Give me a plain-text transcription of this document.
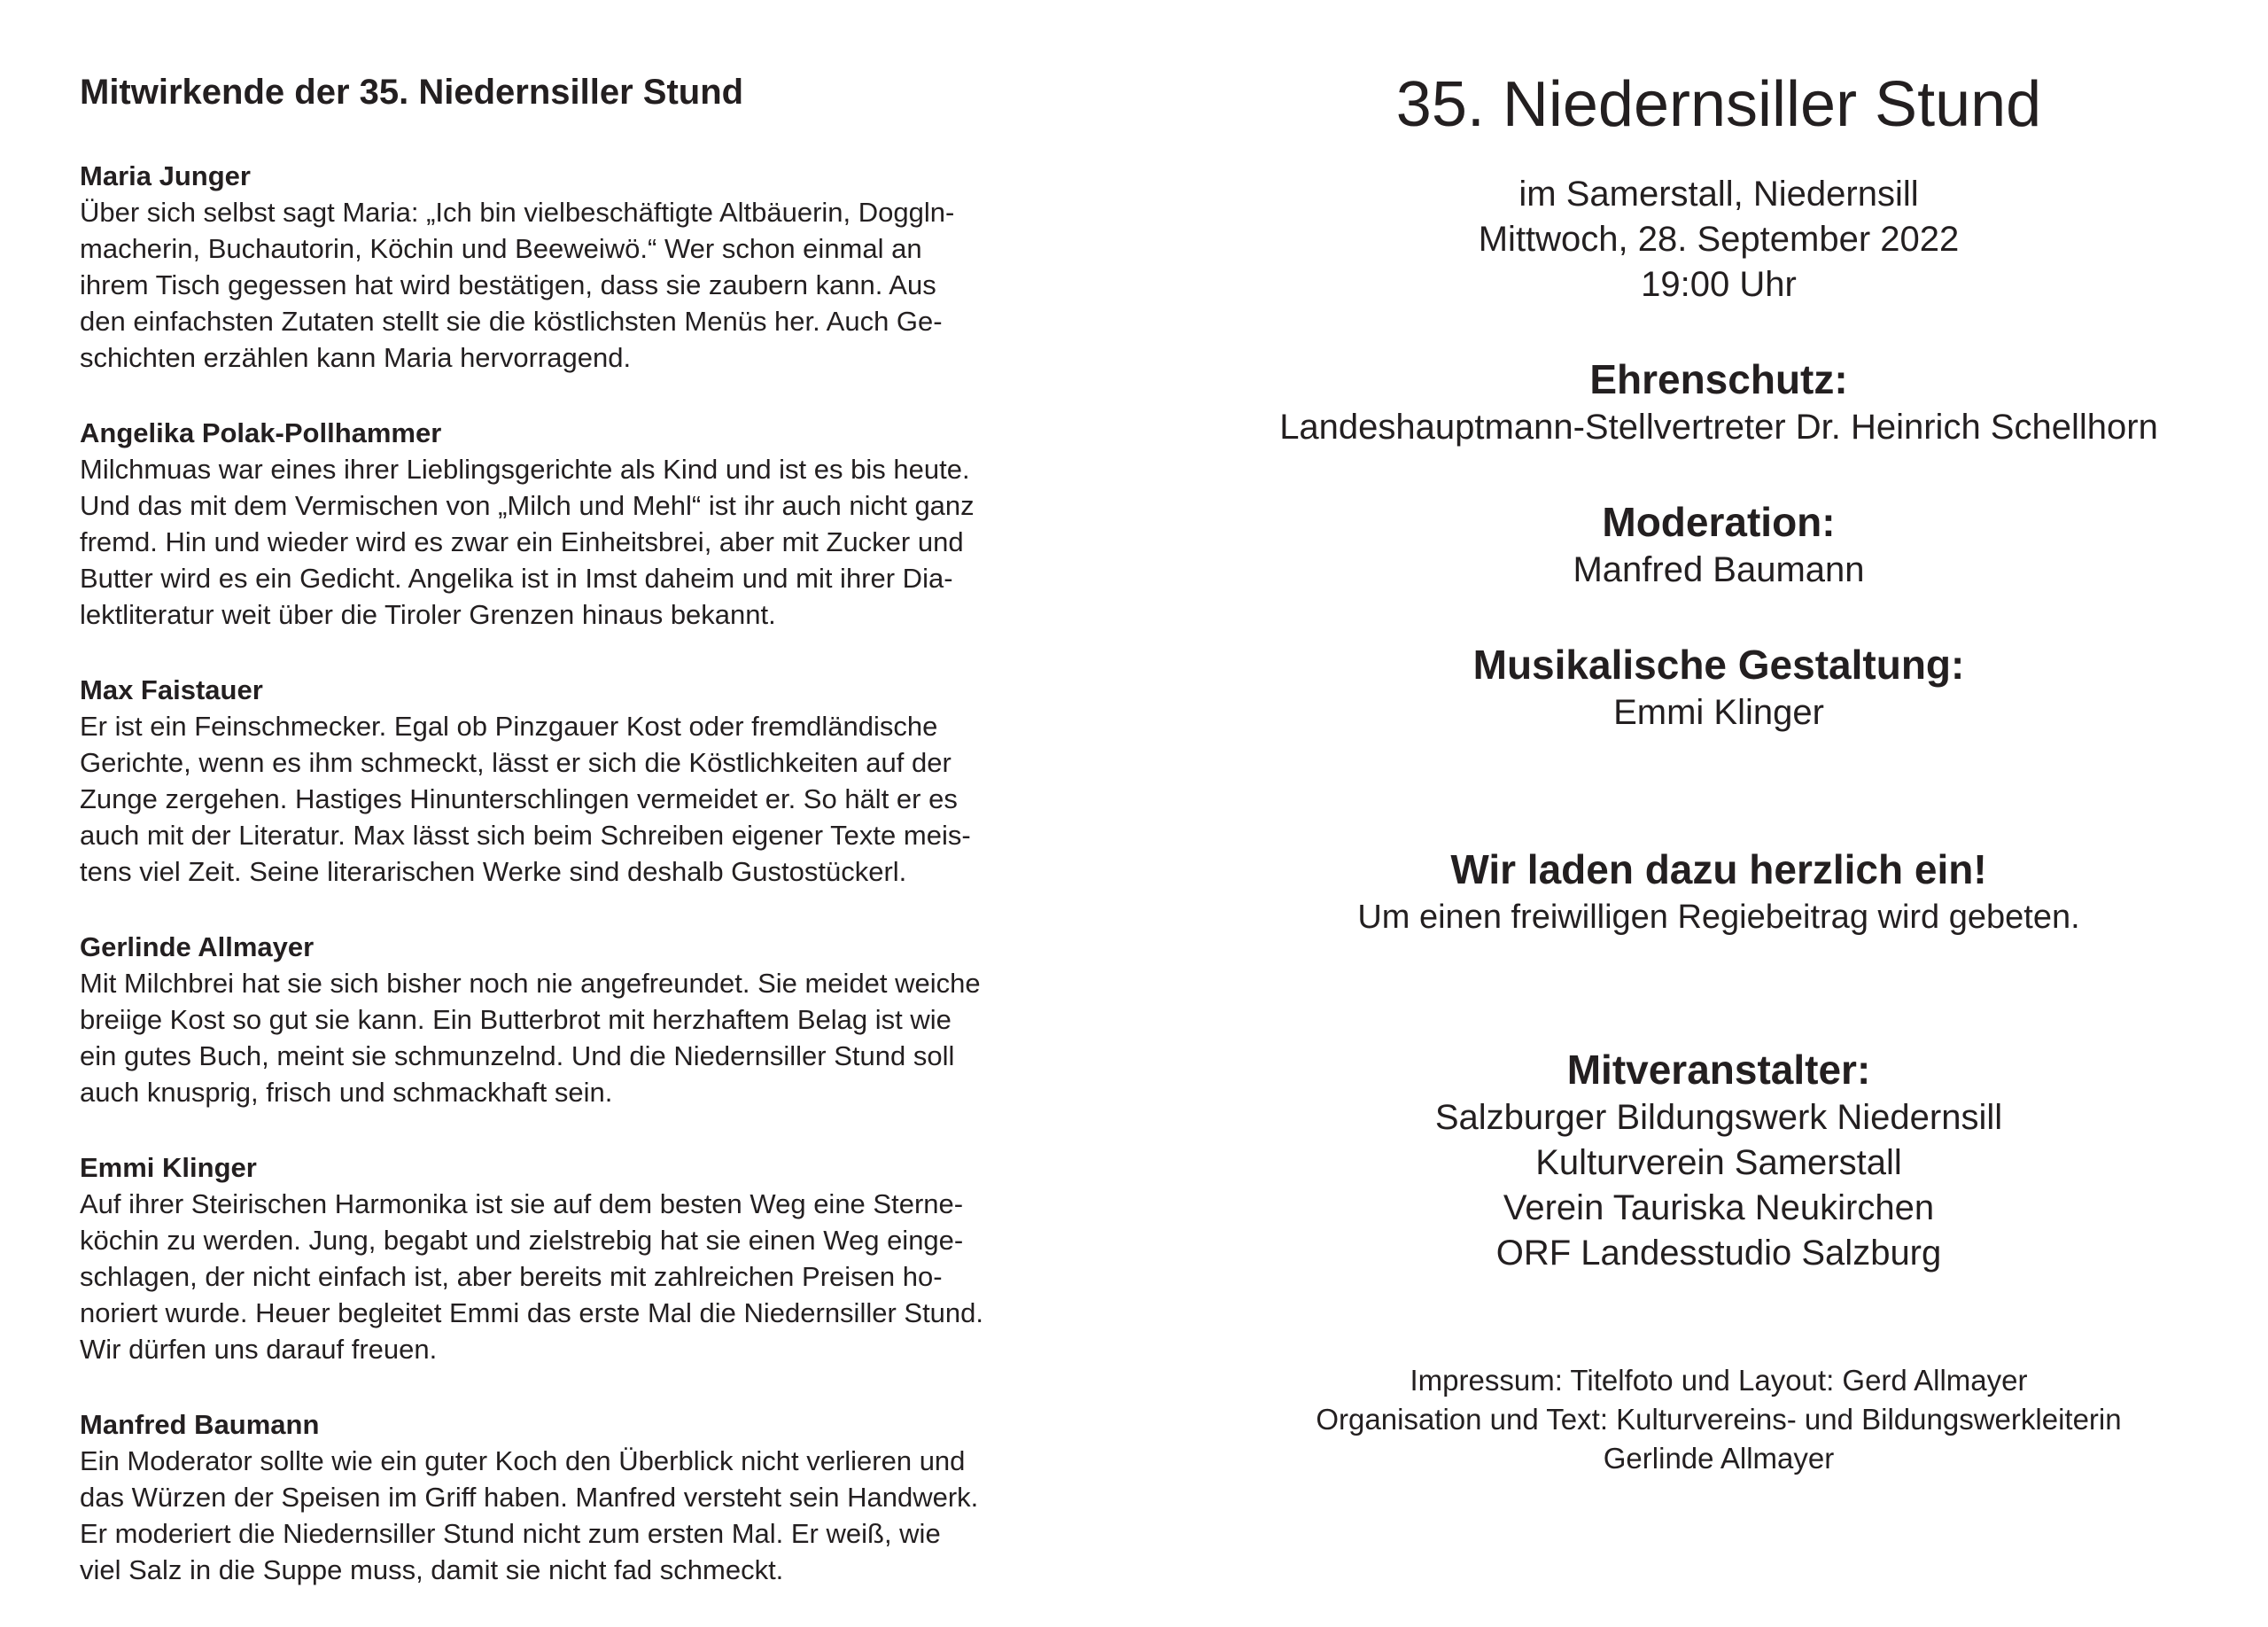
Mitwirkende der 35. Niedernsiller Stund
Maria Junger
Über sich selbst sagt Maria: „Ich bin vielbeschäftigte Altbäuerin, Doggln-
macherin, Buchautorin, Köchin und Beeweiwö.“ Wer schon einmal an
ihrem Tisch gegessen hat wird bestätigen, dass sie zaubern kann. Aus
den einfachsten Zutaten stellt sie die köstlichsten Menüs her. Auch Ge-
schichten erzählen kann Maria hervorragend.
Angelika Polak-Pollhammer
Milchmuas war eines ihrer Lieblingsgerichte als Kind und ist es bis heute.
Und das mit dem Vermischen von „Milch und Mehl“ ist ihr auch nicht ganz
fremd. Hin und wieder wird es zwar ein Einheitsbrei, aber mit Zucker und
Butter wird es ein Gedicht. Angelika ist in Imst daheim und mit ihrer Dia-
lektliteratur weit über die Tiroler Grenzen hinaus bekannt.
Max Faistauer
Er ist ein Feinschmecker. Egal ob Pinzgauer Kost oder fremdländische
Gerichte, wenn es ihm schmeckt, lässt er sich die Köstlichkeiten auf der
Zunge zergehen. Hastiges Hinunterschlingen vermeidet er. So hält er es
auch mit der Literatur. Max lässt sich beim Schreiben eigener Texte meis-
tens viel Zeit. Seine literarischen Werke sind deshalb Gustostückerl.
Gerlinde Allmayer
Mit Milchbrei hat sie sich bisher noch nie angefreundet. Sie meidet weiche
breiige Kost so gut sie kann. Ein Butterbrot mit herzhaftem Belag ist wie
ein gutes Buch, meint sie schmunzelnd. Und die Niedernsiller Stund soll
auch knusprig, frisch und schmackhaft sein.
Emmi Klinger
Auf ihrer Steirischen Harmonika ist sie auf dem besten Weg eine Sterne-
köchin zu werden. Jung, begabt und zielstrebig hat sie einen Weg einge-
schlagen, der nicht einfach ist, aber bereits mit zahlreichen Preisen ho-
noriert wurde. Heuer begleitet Emmi das erste Mal die Niedernsiller Stund.
Wir dürfen uns darauf freuen.
Manfred Baumann
Ein Moderator sollte wie ein guter Koch den Überblick nicht verlieren und
das Würzen der Speisen im Griff haben. Manfred versteht sein Handwerk.
Er moderiert die Niedernsiller Stund nicht zum ersten Mal. Er weiß, wie
viel Salz in die Suppe muss, damit sie nicht fad schmeckt.
35. Niedernsiller Stund
im Samerstall, Niedernsill
Mittwoch, 28. September 2022
19:00 Uhr
Ehrenschutz:
Landeshauptmann-Stellvertreter Dr. Heinrich Schellhorn
Moderation:
Manfred Baumann
Musikalische Gestaltung:
Emmi Klinger
Wir laden dazu herzlich ein!
Um einen freiwilligen Regiebeitrag wird gebeten.
Mitveranstalter:
Salzburger Bildungswerk Niedernsill
Kulturverein Samerstall
Verein Tauriska Neukirchen
ORF Landesstudio Salzburg
Impressum: Titelfoto und Layout: Gerd Allmayer
Organisation und Text: Kulturvereins- und Bildungswerkleiterin
Gerlinde Allmayer
